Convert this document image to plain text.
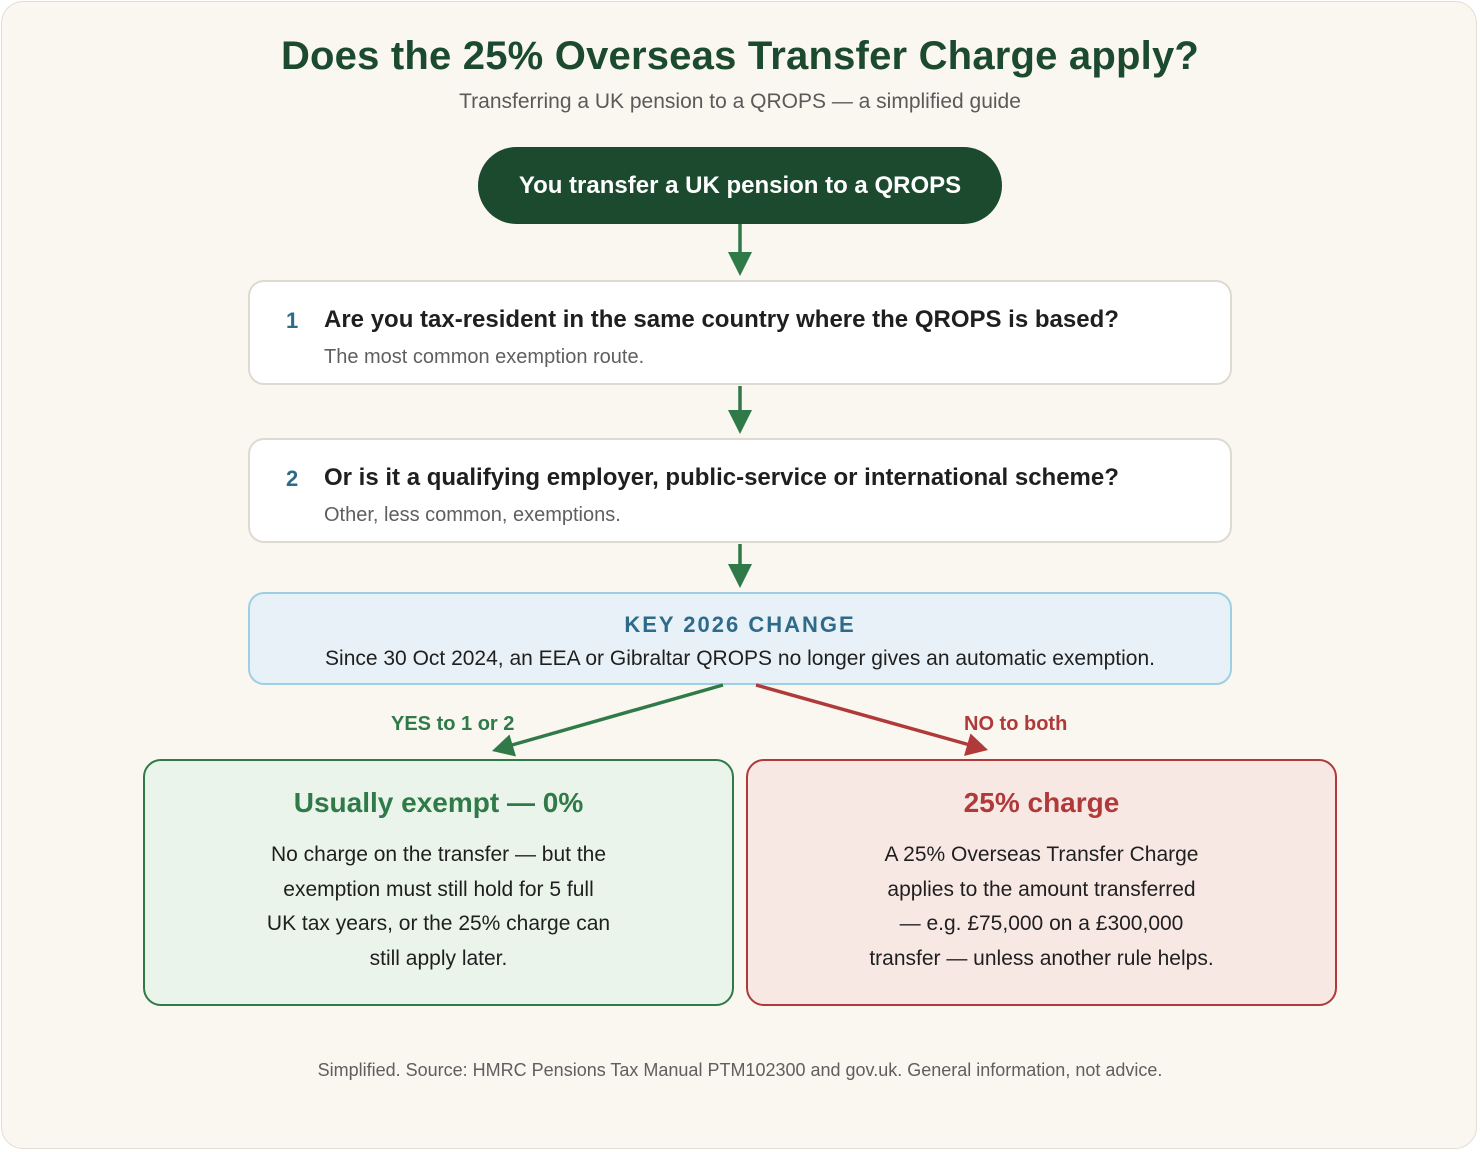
Does the 25% Overseas Transfer Charge apply?
Transferring a UK pension to a QROPS — a simplified guide
You transfer a UK pension to a QROPS
1 Are you tax-resident in the same country where the QROPS is based?
The most common exemption route.
2 Or is it a qualifying employer, public-service or international scheme?
Other, less common, exemptions.
KEY 2026 CHANGE
Since 30 Oct 2024, an EEA or Gibraltar QROPS no longer gives an automatic exemption.
YES to 1 or 2	NO to both
Usually exempt — 0%
No charge on the transfer — but the
exemption must still hold for 5 full
UK tax years, or the 25% charge can
still apply later.
25% charge
A 25% Overseas Transfer Charge
applies to the amount transferred
— e.g. £75,000 on a £300,000
transfer — unless another rule helps.
Simplified. Source: HMRC Pensions Tax Manual PTM102300 and gov.uk. General information, not advice.
